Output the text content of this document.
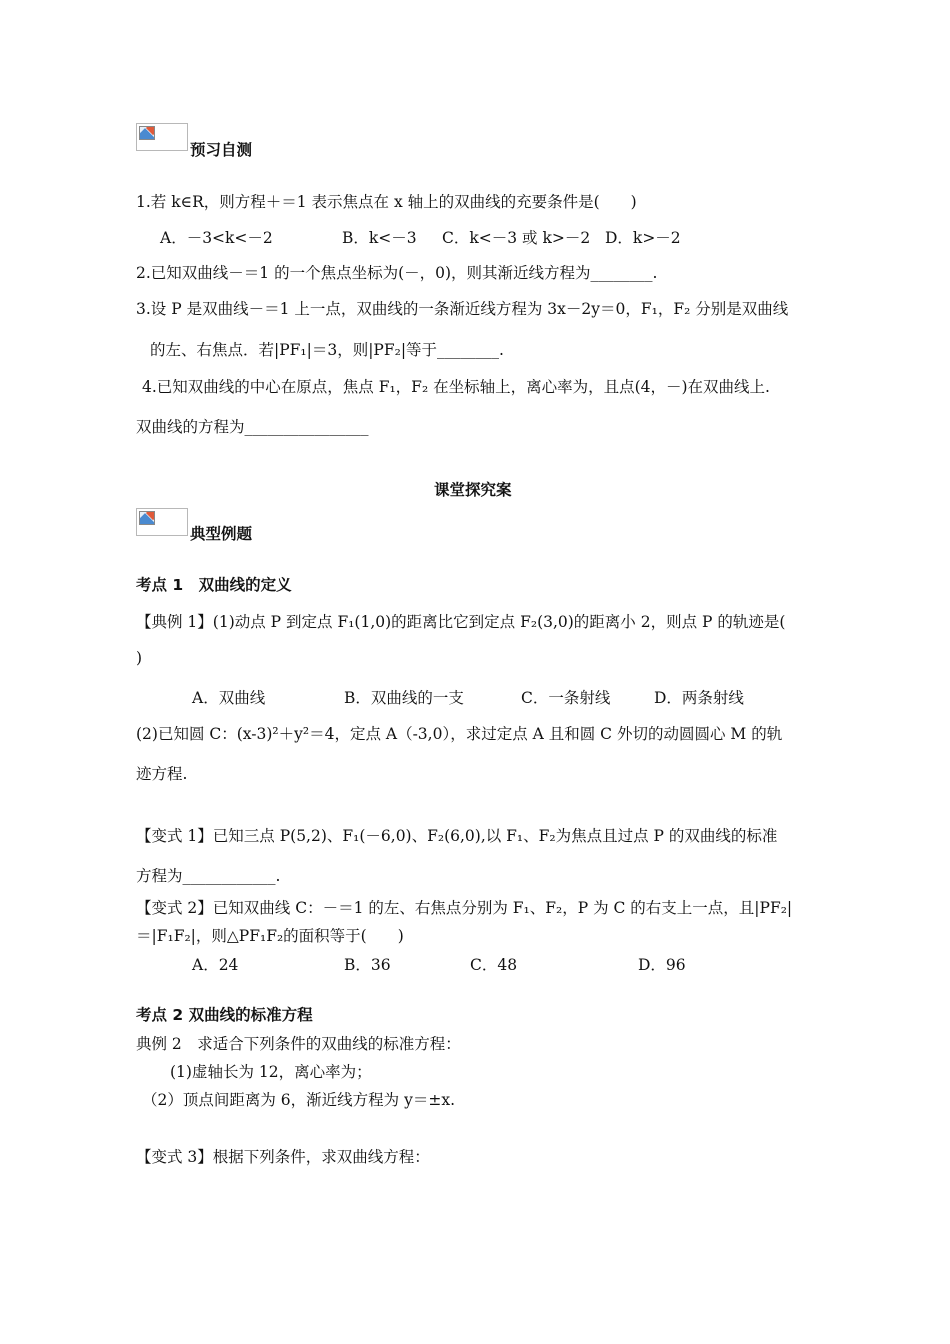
预习自测
1.若 k∈R，则方程＋＝1 表示焦点在 x 轴上的双曲线的充要条件是(　　)
A．－3<k<－2	B．k<－3 C．k<－3 或 k>－2 D．k>－2
2.已知双曲线－＝1 的一个焦点坐标为(－，0)，则其渐近线方程为________.
3.设 P 是双曲线－＝1 上一点，双曲线的一条渐近线方程为 3x－2y＝0，F₁，F₂ 分别是双曲线
的左、右焦点．若|PF₁|＝3，则|PF₂|等于________.
4.已知双曲线的中心在原点，焦点 F₁，F₂ 在坐标轴上，离心率为，且点(4，－)在双曲线上.
双曲线的方程为________________
课堂探究案
典型例题
考点 1　双曲线的定义
【典例 1】(1)动点 P 到定点 F₁(1,0)的距离比它到定点 F₂(3,0)的距离小 2，则点 P 的轨迹是(
)
A．双曲线	B．双曲线的一支	C．一条射线	D．两条射线
(2)已知圆 C：(x-3)²＋y²＝4，定点 A（-3,0），求过定点 A 且和圆 C 外切的动圆圆心 M 的轨
迹方程.
【变式 1】已知三点 P(5,2)、F₁(－6,0)、F₂(6,0),以 F₁、F₂为焦点且过点 P 的双曲线的标准
方程为____________.
【变式 2】已知双曲线 C：－＝1 的左、右焦点分别为 F₁、F₂，P 为 C 的右支上一点，且|PF₂|
＝|F₁F₂|，则△PF₁F₂的面积等于(　　)
A．24	B．36	C．48	D．96
考点 2 双曲线的标准方程
典例 2　求适合下列条件的双曲线的标准方程：
(1)虚轴长为 12，离心率为；
（2）顶点间距离为 6，渐近线方程为 y＝±x.
【变式 3】根据下列条件，求双曲线方程：
